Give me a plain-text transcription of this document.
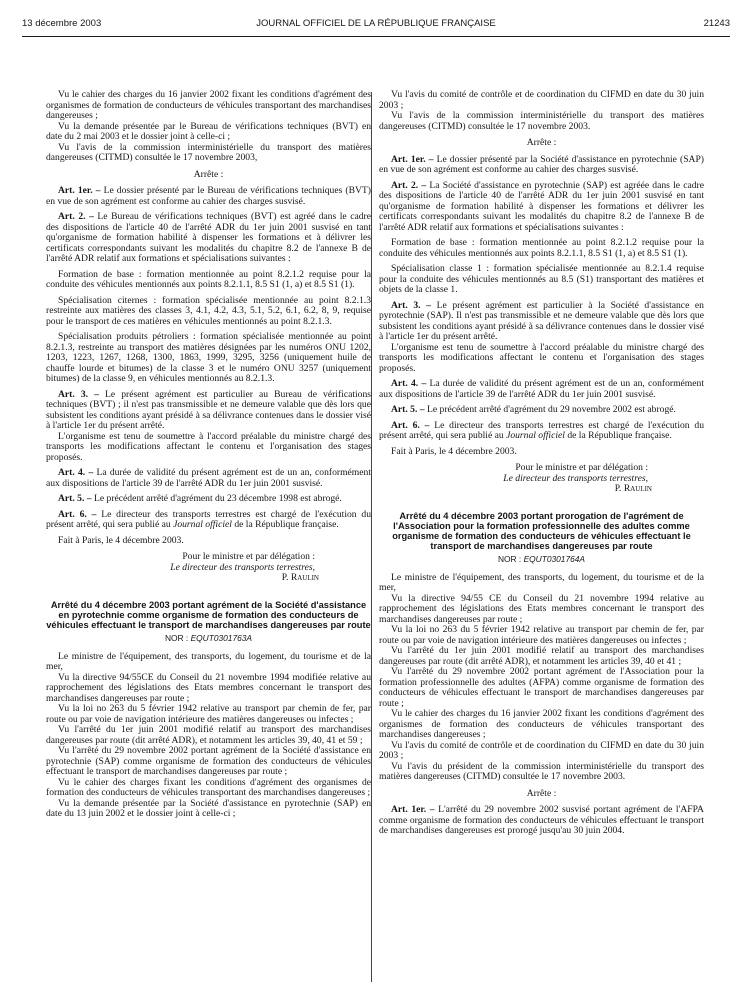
13 décembre 2003	JOURNAL OFFICIEL DE LA RÉPUBLIQUE FRANÇAISE	21243

Vu le cahier des charges du 16 janvier 2002 fixant les conditions d'agrément des organismes de formation de conducteurs de véhicules transportant des marchandises dangereuses ;

Vu la demande présentée par le Bureau de vérifications techniques (BVT) en date du 2 mai 2003 et le dossier joint à celle-ci ;

Vu l'avis de la commission interministérielle du transport des matières dangereuses (CITMD) consultée le 17 novembre 2003,

Arrête :

Art. 1er. – Le dossier présenté par le Bureau de vérifications techniques (BVT) en vue de son agrément est conforme au cahier des charges susvisé.

Art. 2. – Le Bureau de vérifications techniques (BVT) est agréé dans le cadre des dispositions de l'article 40 de l'arrêté ADR du 1er juin 2001 susvisé en tant qu'organisme de formation habilité à dispenser les formations et à délivrer les certificats correspondants suivant les modalités du chapitre 8.2 de l'annexe B de l'arrêté ADR relatif aux formations et spécialisations suivantes :

Formation de base : formation mentionnée au point 8.2.1.2 requise pour la conduite des véhicules mentionnés aux points 8.2.1.1, 8.5 S1 (1, a) et 8.5 S1 (1).

Spécialisation citernes : formation spécialisée mentionnée au point 8.2.1.3 restreinte aux matières des classes 3, 4.1, 4.2, 4.3, 5.1, 5.2, 6.1, 6.2, 8, 9, requise pour le transport de ces matières en véhicules mentionnés au point 8.2.1.3.

Spécialisation produits pétroliers : formation spécialisée mentionnée au point 8.2.1.3, restreinte au transport des matières désignées par les numéros ONU 1202, 1203, 1223, 1267, 1268, 1300, 1863, 1999, 3295, 3256 (uniquement huile de chauffe lourde et bitumes) de la classe 3 et le numéro ONU 3257 (uniquement bitumes) de la classe 9, en véhicules mentionnés au 8.2.1.3.

Art. 3. – Le présent agrément est particulier au Bureau de vérifications techniques (BVT) ; il n'est pas transmissible et ne demeure valable que dès lors que subsistent les conditions ayant présidé à sa délivrance contenues dans le dossier visé à l'article 1er du présent arrêté.

L'organisme est tenu de soumettre à l'accord préalable du ministre chargé des transports les modifications affectant le contenu et l'organisation des stages proposés.

Art. 4. – La durée de validité du présent agrément est de un an, conformément aux dispositions de l'article 39 de l'arrêté ADR du 1er juin 2001 susvisé.

Art. 5. – Le précédent arrêté d'agrément du 23 décembre 1998 est abrogé.

Art. 6. – Le directeur des transports terrestres est chargé de l'exécution du présent arrêté, qui sera publié au Journal officiel de la République française.

Fait à Paris, le 4 décembre 2003.

Pour le ministre et par délégation :
Le directeur des transports terrestres,
P. Raulin
Arrêté du 4 décembre 2003 portant agrément de la Société d'assistance en pyrotechnie comme organisme de formation des conducteurs de véhicules effectuant le transport de marchandises dangereuses par route
NOR : EQUT0301763A

Le ministre de l'équipement, des transports, du logement, du tourisme et de la mer,

Vu la directive 94/55CE du Conseil du 21 novembre 1994 modifiée relative au rapprochement des législations des Etats membres concernant le transport des marchandises dangereuses par route ;

Vu la loi no 263 du 5 février 1942 relative au transport par chemin de fer, par route ou par voie de navigation intérieure des matières dangereuses ou infectes ;

Vu l'arrêté du 1er juin 2001 modifié relatif au transport des marchandises dangereuses par route (dit arrêté ADR), et notamment les articles 39, 40, 41 et 59 ;

Vu l'arrêté du 29 novembre 2002 portant agrément de la Société d'assistance en pyrotechnie (SAP) comme organisme de formation des conducteurs de véhicules effectuant le transport de marchandises dangereuses par route ;

Vu le cahier des charges fixant les conditions d'agrément des organismes de formation des conducteurs de véhicules transportant des marchandises dangereuses ;

Vu la demande présentée par la Société d'assistance en pyrotechnie (SAP) en date du 13 juin 2002 et le dossier joint à celle-ci ;

Vu l'avis du comité de contrôle et de coordination du CIFMD en date du 30 juin 2003 ;

Vu l'avis de la commission interministérielle du transport des matières dangereuses (CITMD) consultée le 17 novembre 2003.

Arrête :

Art. 1er. – Le dossier présenté par la Société d'assistance en pyrotechnie (SAP) en vue de son agrément est conforme au cahier des charges susvisé.

Art. 2. – La Société d'assistance en pyrotechnie (SAP) est agréée dans le cadre des dispositions de l'article 40 de l'arrêté ADR du 1er juin 2001 susvisé en tant qu'organisme de formation habilité à dispenser les formations et délivrer les certificats correspondants suivant les modalités du chapitre 8.2 de l'annexe B de l'arrêté ADR relatif aux formations et spécialisations suivantes :

Formation de base : formation mentionnée au point 8.2.1.2 requise pour la conduite des véhicules mentionnés aux points 8.2.1.1, 8.5 S1 (1, a) et 8.5 S1 (1).

Spécialisation classe 1 : formation spécialisée mentionnée au 8.2.1.4 requise pour la conduite des véhicules mentionnés au 8.5 (S1) transportant des matières et objets de la classe 1.

Art. 3. – Le présent agrément est particulier à la Société d'assistance en pyrotechnie (SAP). Il n'est pas transmissible et ne demeure valable que dès lors que subsistent les conditions ayant présidé à sa délivrance contenues dans le dossier visé à l'article 1er du présent arrêté.

L'organisme est tenu de soumettre à l'accord préalable du ministre chargé des transports les modifications affectant le contenu et l'organisation des stages proposés.

Art. 4. – La durée de validité du présent agrément est de un an, conformément aux dispositions de l'article 39 de l'arrêté ADR du 1er juin 2001 susvisé.

Art. 5. – Le précédent arrêté d'agrément du 29 novembre 2002 est abrogé.

Art. 6. – Le directeur des transports terrestres est chargé de l'exécution du présent arrêté, qui sera publié au Journal officiel de la République française.

Fait à Paris, le 4 décembre 2003.

Pour le ministre et par délégation :
Le directeur des transports terrestres,
P. Raulin
Arrêté du 4 décembre 2003 portant prorogation de l'agrément de l'Association pour la formation professionnelle des adultes comme organisme de formation des conducteurs de véhicules effectuant le transport de marchandises dangereuses par route
NOR : EQUT0301764A

Le ministre de l'équipement, des transports, du logement, du tourisme et de la mer,

Vu la directive 94/55 CE du Conseil du 21 novembre 1994 relative au rapprochement des législations des Etats membres concernant le transport des marchandises dangereuses par route ;

Vu la loi no 263 du 5 février 1942 relative au transport par chemin de fer, par route ou par voie de navigation intérieure des matières dangereuses ou infectes ;

Vu l'arrêté du 1er juin 2001 modifié relatif au transport des marchandises dangereuses par route (dit arrêté ADR), et notamment les articles 39, 40 et 41 ;

Vu l'arrêté du 29 novembre 2002 portant agrément de l'Association pour la formation professionnelle des adultes (AFPA) comme organisme de formation des conducteurs de véhicules effectuant le transport de marchandises dangereuses par route ;

Vu le cahier des charges du 16 janvier 2002 fixant les conditions d'agrément des organismes de formation des conducteurs de véhicules transportant des marchandises dangereuses ;

Vu l'avis du comité de contrôle et de coordination du CIFMD en date du 30 juin 2003 ;

Vu l'avis du président de la commission interministérielle du transport des matières dangereuses (CITMD) consultée le 17 novembre 2003.

Arrête :

Art. 1er. – L'arrêté du 29 novembre 2002 susvisé portant agrément de l'AFPA comme organisme de formation des conducteurs de véhicules effectuant le transport de marchandises dangereuses est prorogé jusqu'au 30 juin 2004.
